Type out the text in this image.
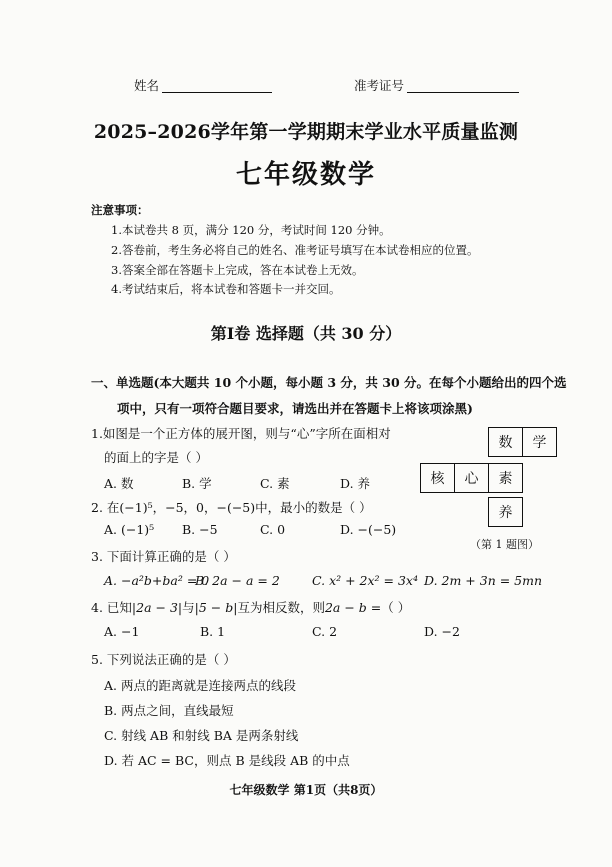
姓名	准考证号
2025–2026学年第一学期期末学业水平质量监测
七年级数学
注意事项：
1.本试卷共 8 页，满分 120 分，考试时间 120 分钟。
2.答卷前，考生务必将自己的姓名、准考证号填写在本试卷相应的位置。
3.答案全部在答题卡上完成，答在本试卷上无效。
4.考试结束后，将本试卷和答题卡一并交回。
第Ⅰ卷 选择题（共 30 分）
一、单选题(本大题共 10 个小题，每小题 3 分，共 30 分。在每个小题给出的四个选
项中，只有一项符合题目要求，请选出并在答题卡上将该项涂黑)
1.如图是一个正方体的展开图，则与“心”字所在面相对
的面上的字是（ ）
A. 数	B. 学	C. 素	D. 养
数	学
核	心	素
养
（第 1 题图）
2. 在(−1)⁵，−5，0，−(−5)中，最小的数是（ ）
A. (−1)⁵ B. −5	C. 0	D. −(−5)
3. 下面计算正确的是（ ）
A. −a²b+ba² = 0
B. 2a − a = 2	C. x² + 2x² = 3x⁴ D. 2m + 3n = 5mn
4. 已知|2a − 3|与|5 − b|互为相反数，则2a − b =（ ）
A. −1	B. 1	C. 2	D. −2
5. 下列说法正确的是（ ）
A. 两点的距离就是连接两点的线段
B. 两点之间，直线最短
C. 射线 AB 和射线 BA 是两条射线
D. 若 AC = BC，则点 B 是线段 AB 的中点
七年级数学 第1页（共8页）
